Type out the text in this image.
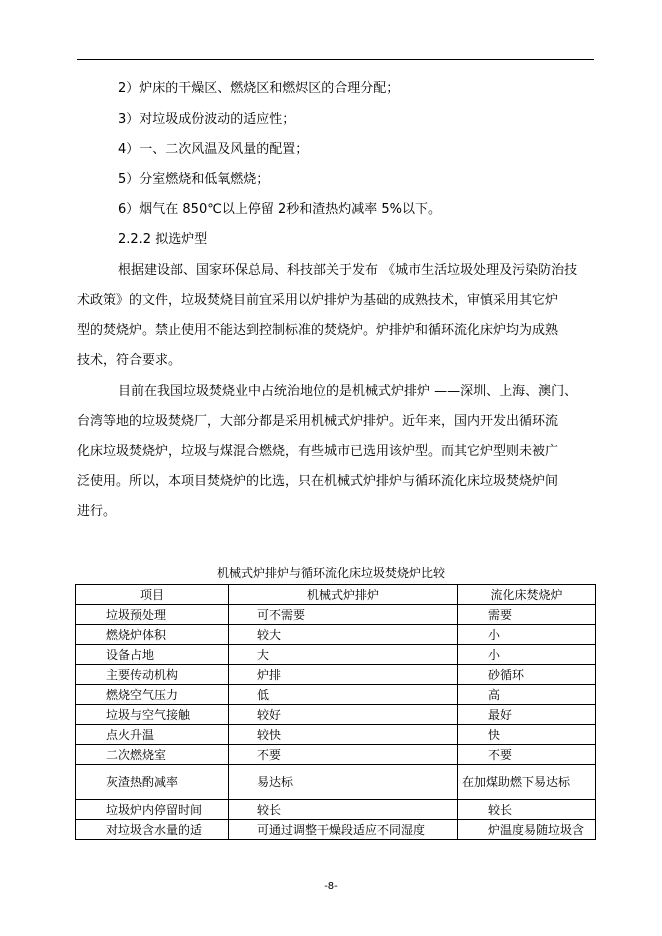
2）炉床的干燥区、燃烧区和燃烬区的合理分配；
3）对垃圾成份波动的适应性；
4）一、二次风温及风量的配置；
5）分室燃烧和低氧燃烧；
6）烟气在 850℃以上停留 2秒和渣热灼减率 5%以下。
2.2.2 拟选炉型
根据建设部、国家环保总局、科技部关于发布 《城市生活垃圾处理及污染防治技
术政策》的文件，垃圾焚烧目前宜采用以炉排炉为基础的成熟技术，审慎采用其它炉
型的焚烧炉。禁止使用不能达到控制标准的焚烧炉。炉排炉和循环流化床炉均为成熟
技术，符合要求。
目前在我国垃圾焚烧业中占统治地位的是机械式炉排炉 ——深圳、上海、澳门、
台湾等地的垃圾焚烧厂，大部分都是采用机械式炉排炉。近年来，国内开发出循环流
化床垃圾焚烧炉，垃圾与煤混合燃烧，有些城市已选用该炉型。而其它炉型则未被广
泛使用。所以，本项目焚烧炉的比选，只在机械式炉排炉与循环流化床垃圾焚烧炉间
进行。
机械式炉排炉与循环流化床垃圾焚烧炉比较
项目	机械式炉排炉	流化床焚烧炉
垃圾预处理	可不需要	需要
燃烧炉体积	较大	小
设备占地	大	小
主要传动机构	炉排	砂循环
燃烧空气压力	低	高
垃圾与空气接触	较好	最好
点火升温	较快	快
二次燃烧室	不要	不要
灰渣热酌减率	易达标	在加煤助燃下易达标
垃圾炉内停留时间	较长	较长
对垃圾含水量的适	可通过调整干燥段适应不同湿度	炉温度易随垃圾含
-8-
